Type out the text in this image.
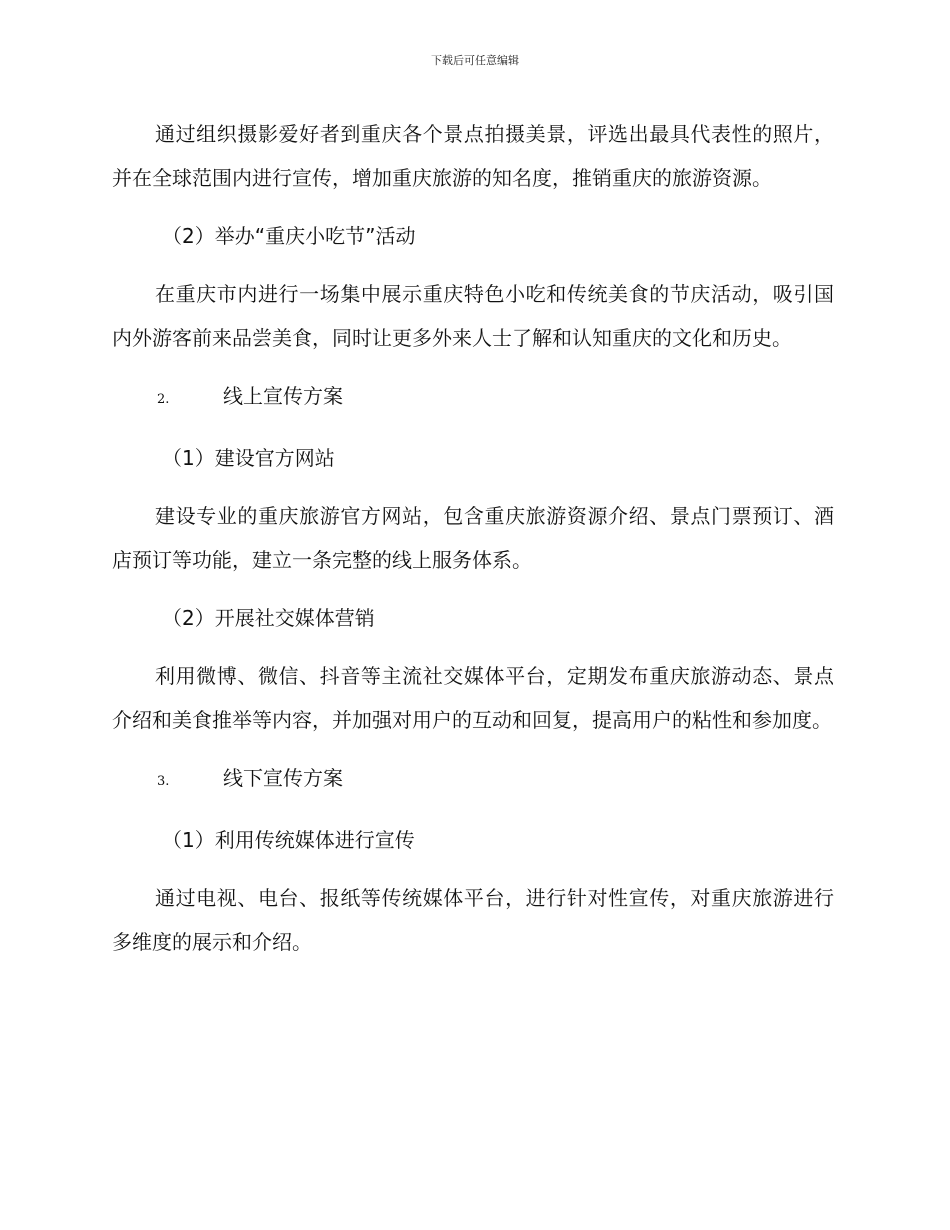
下载后可任意编辑

通过组织摄影爱好者到重庆各个景点拍摄美景，评选出最具代表性的照片，并在全球范围内进行宣传，增加重庆旅游的知名度，推销重庆的旅游资源。

（2）举办“重庆小吃节”活动

在重庆市内进行一场集中展示重庆特色小吃和传统美食的节庆活动，吸引国内外游客前来品尝美食，同时让更多外来人士了解和认知重庆的文化和历史。

2.	线上宣传方案
（1）建设官方网站

建设专业的重庆旅游官方网站，包含重庆旅游资源介绍、景点门票预订、酒店预订等功能，建立一条完整的线上服务体系。

（2）开展社交媒体营销

利用微博、微信、抖音等主流社交媒体平台，定期发布重庆旅游动态、景点介绍和美食推举等内容，并加强对用户的互动和回复，提高用户的粘性和参加度。

3.	线下宣传方案
（1）利用传统媒体进行宣传

通过电视、电台、报纸等传统媒体平台，进行针对性宣传，对重庆旅游进行多维度的展示和介绍。
